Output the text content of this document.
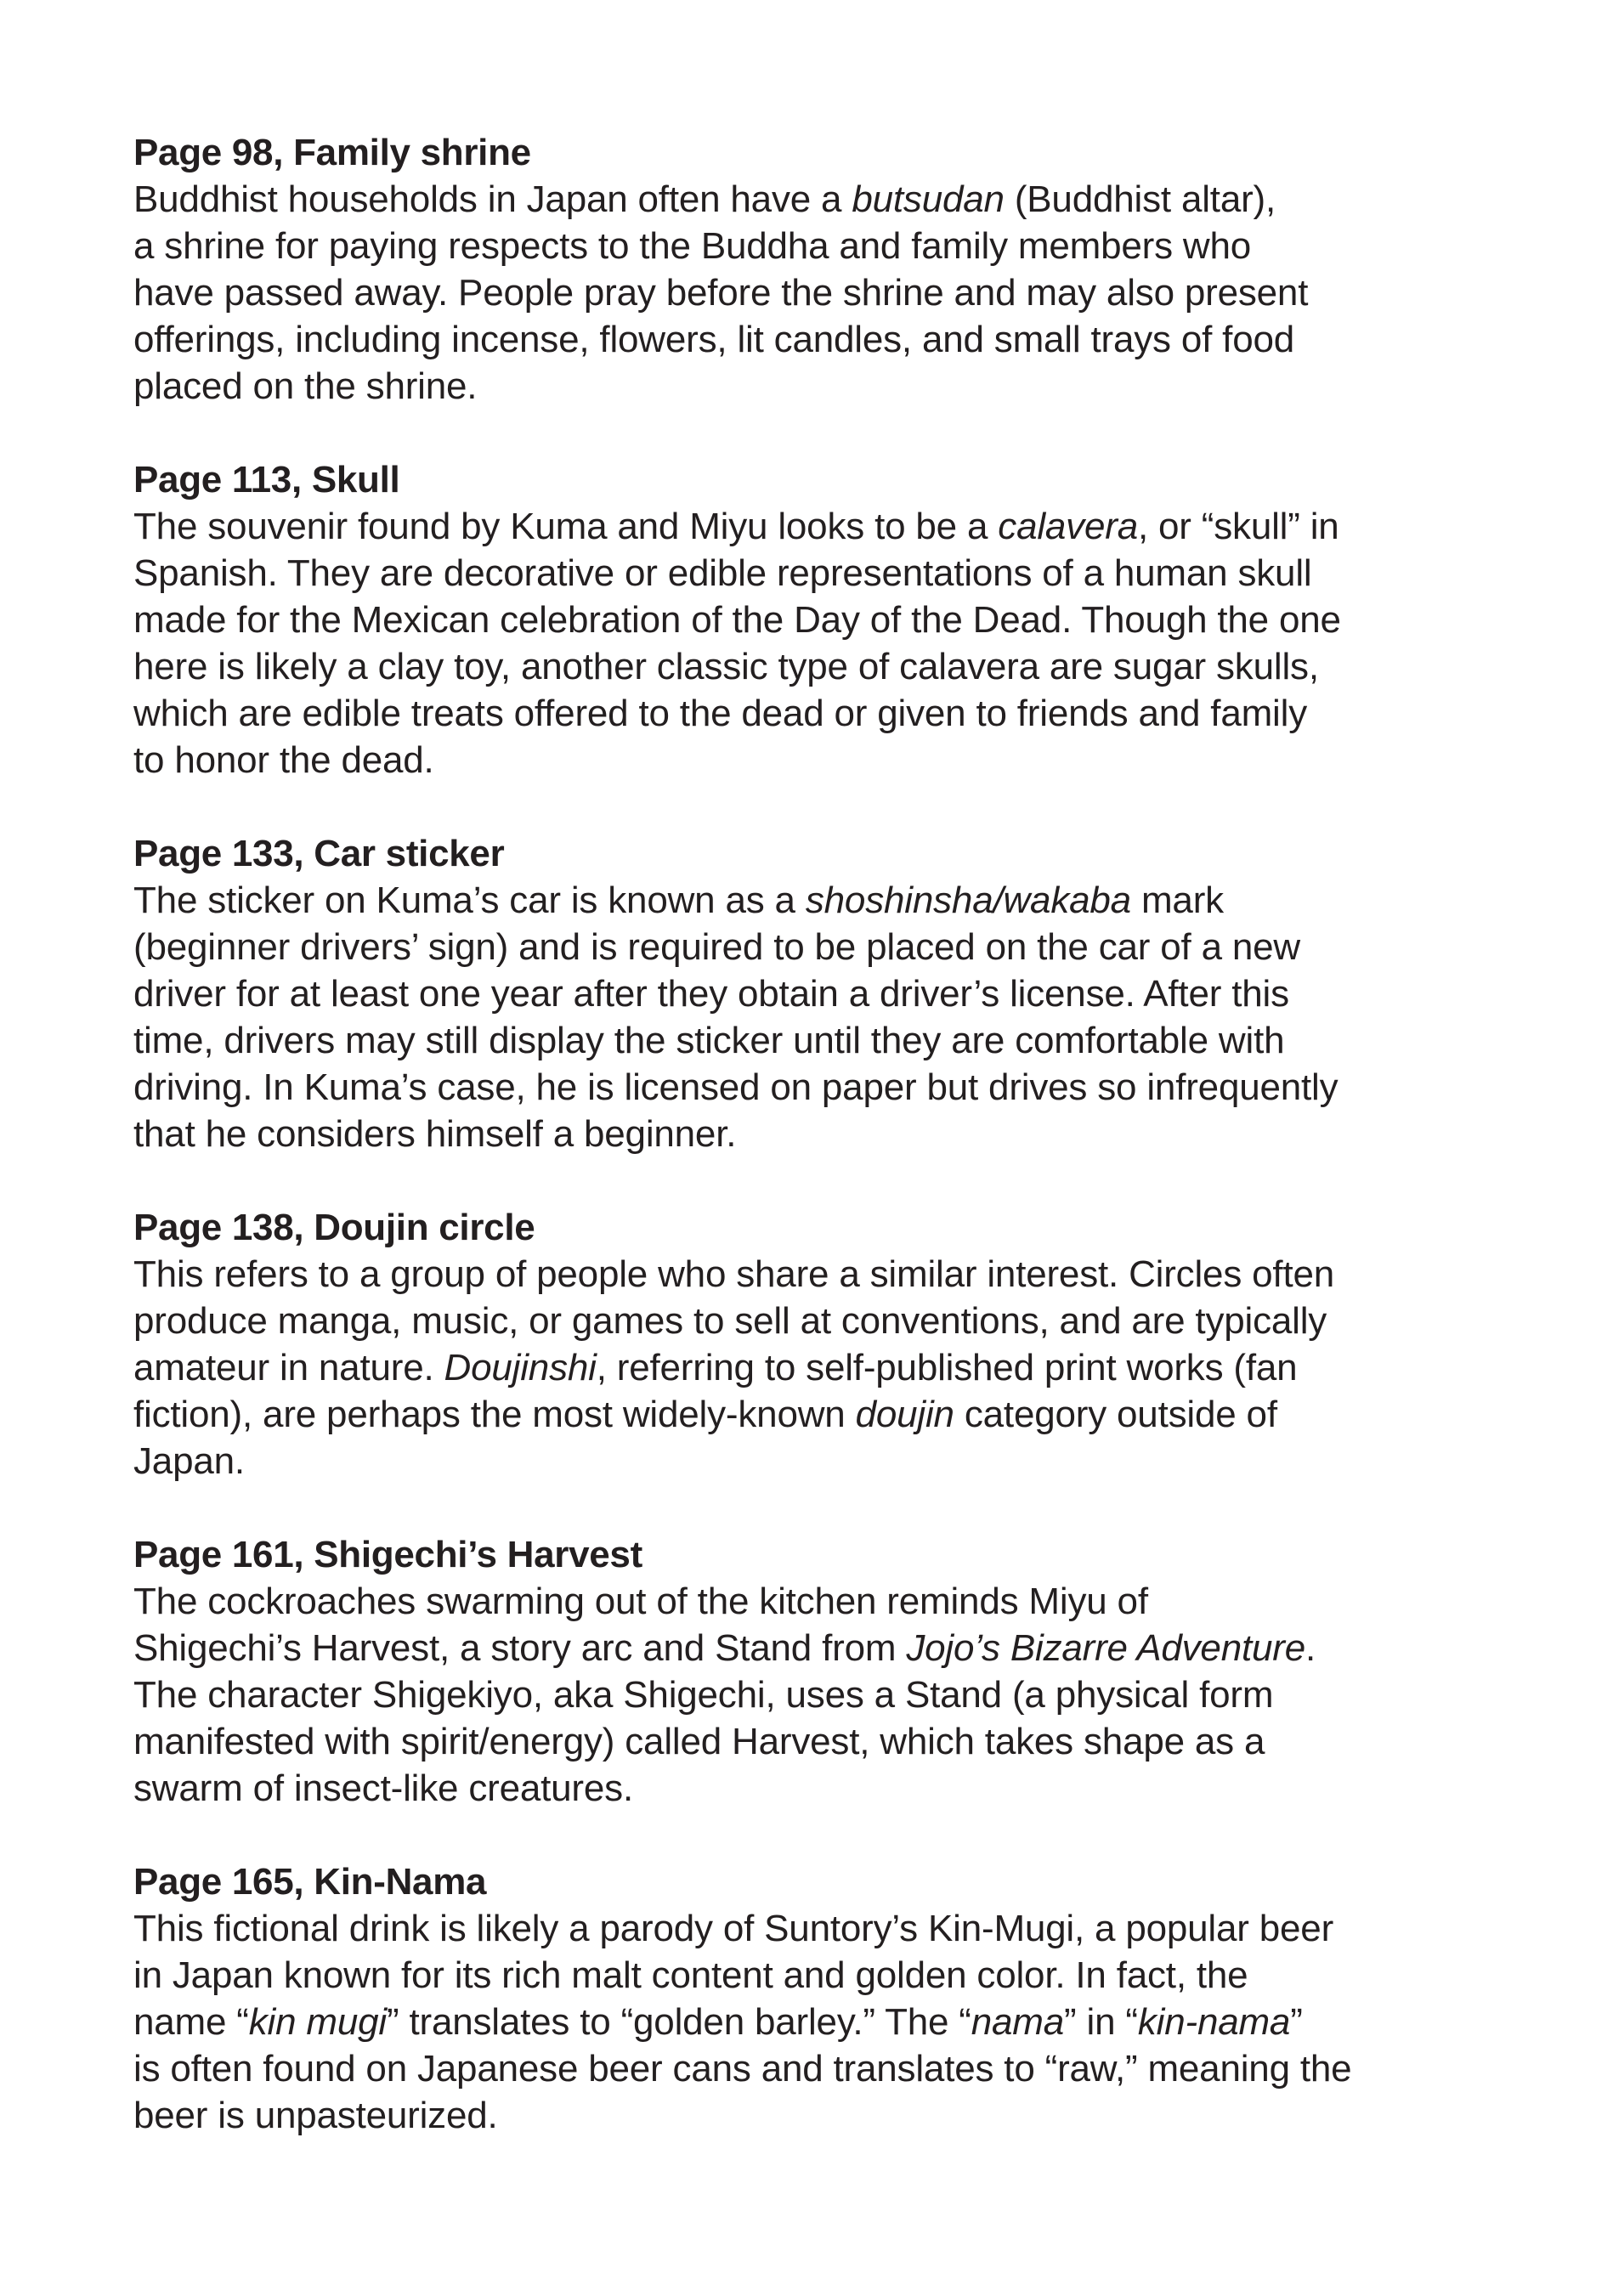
Page 98, Family shrine
Buddhist households in Japan often have a butsudan (Buddhist altar),
a shrine for paying respects to the Buddha and family members who
have passed away. People pray before the shrine and may also present
offerings, including incense, flowers, lit candles, and small trays of food
placed on the shrine.
Page 113, Skull
The souvenir found by Kuma and Miyu looks to be a calavera, or “skull” in
Spanish. They are decorative or edible representations of a human skull
made for the Mexican celebration of the Day of the Dead. Though the one
here is likely a clay toy, another classic type of calavera are sugar skulls,
which are edible treats offered to the dead or given to friends and family
to honor the dead.
Page 133, Car sticker
The sticker on Kuma’s car is known as a shoshinsha/wakaba mark
(beginner drivers’ sign) and is required to be placed on the car of a new
driver for at least one year after they obtain a driver’s license. After this
time, drivers may still display the sticker until they are comfortable with
driving. In Kuma’s case, he is licensed on paper but drives so infrequently
that he considers himself a beginner.
Page 138, Doujin circle
This refers to a group of people who share a similar interest. Circles often
produce manga, music, or games to sell at conventions, and are typically
amateur in nature. Doujinshi, referring to self-published print works (fan
fiction), are perhaps the most widely-known doujin category outside of
Japan.
Page 161, Shigechi’s Harvest
The cockroaches swarming out of the kitchen reminds Miyu of
Shigechi’s Harvest, a story arc and Stand from Jojo’s Bizarre Adventure.
The character Shigekiyo, aka Shigechi, uses a Stand (a physical form
manifested with spirit/energy) called Harvest, which takes shape as a
swarm of insect-like creatures.
Page 165, Kin-Nama
This fictional drink is likely a parody of Suntory’s Kin-Mugi, a popular beer
in Japan known for its rich malt content and golden color. In fact, the
name “kin mugi” translates to “golden barley.” The “nama” in “kin-nama”
is often found on Japanese beer cans and translates to “raw,” meaning the
beer is unpasteurized.
